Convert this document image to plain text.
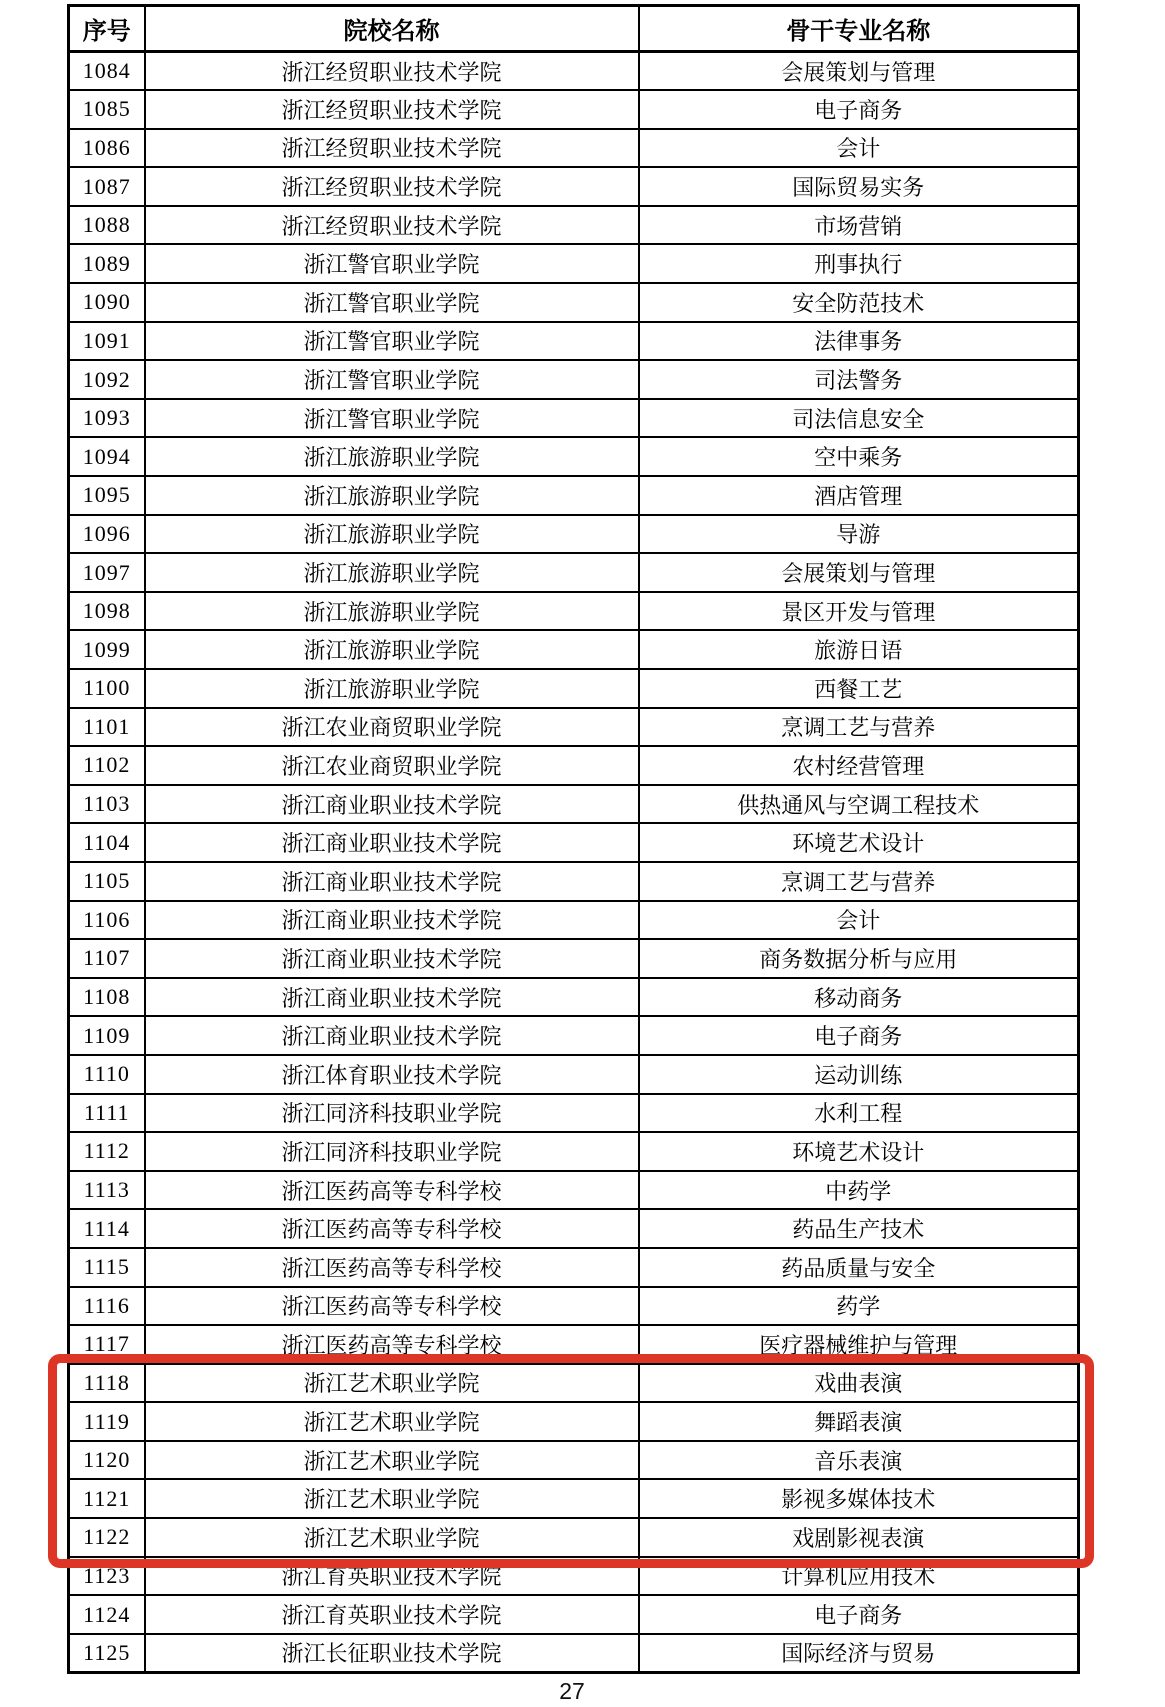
序号	院校名称	骨干专业名称
1084	浙江经贸职业技术学院	会展策划与管理
1085	浙江经贸职业技术学院	电子商务
1086	浙江经贸职业技术学院	会计
1087	浙江经贸职业技术学院	国际贸易实务
1088	浙江经贸职业技术学院	市场营销
1089	浙江警官职业学院	刑事执行
1090	浙江警官职业学院	安全防范技术
1091	浙江警官职业学院	法律事务
1092	浙江警官职业学院	司法警务
1093	浙江警官职业学院	司法信息安全
1094	浙江旅游职业学院	空中乘务
1095	浙江旅游职业学院	酒店管理
1096	浙江旅游职业学院	导游
1097	浙江旅游职业学院	会展策划与管理
1098	浙江旅游职业学院	景区开发与管理
1099	浙江旅游职业学院	旅游日语
1100	浙江旅游职业学院	西餐工艺
1101	浙江农业商贸职业学院	烹调工艺与营养
1102	浙江农业商贸职业学院	农村经营管理
1103	浙江商业职业技术学院	供热通风与空调工程技术
1104	浙江商业职业技术学院	环境艺术设计
1105	浙江商业职业技术学院	烹调工艺与营养
1106	浙江商业职业技术学院	会计
1107	浙江商业职业技术学院	商务数据分析与应用
1108	浙江商业职业技术学院	移动商务
1109	浙江商业职业技术学院	电子商务
1110	浙江体育职业技术学院	运动训练
1111	浙江同济科技职业学院	水利工程
1112	浙江同济科技职业学院	环境艺术设计
1113	浙江医药高等专科学校	中药学
1114	浙江医药高等专科学校	药品生产技术
1115	浙江医药高等专科学校	药品质量与安全
1116	浙江医药高等专科学校	药学
1117	浙江医药高等专科学校	医疗器械维护与管理
1118	浙江艺术职业学院	戏曲表演
1119	浙江艺术职业学院	舞蹈表演
1120	浙江艺术职业学院	音乐表演
1121	浙江艺术职业学院	影视多媒体技术
1122	浙江艺术职业学院	戏剧影视表演
1123	浙江育英职业技术学院	计算机应用技术
1124	浙江育英职业技术学院	电子商务
1125	浙江长征职业技术学院	国际经济与贸易
27
